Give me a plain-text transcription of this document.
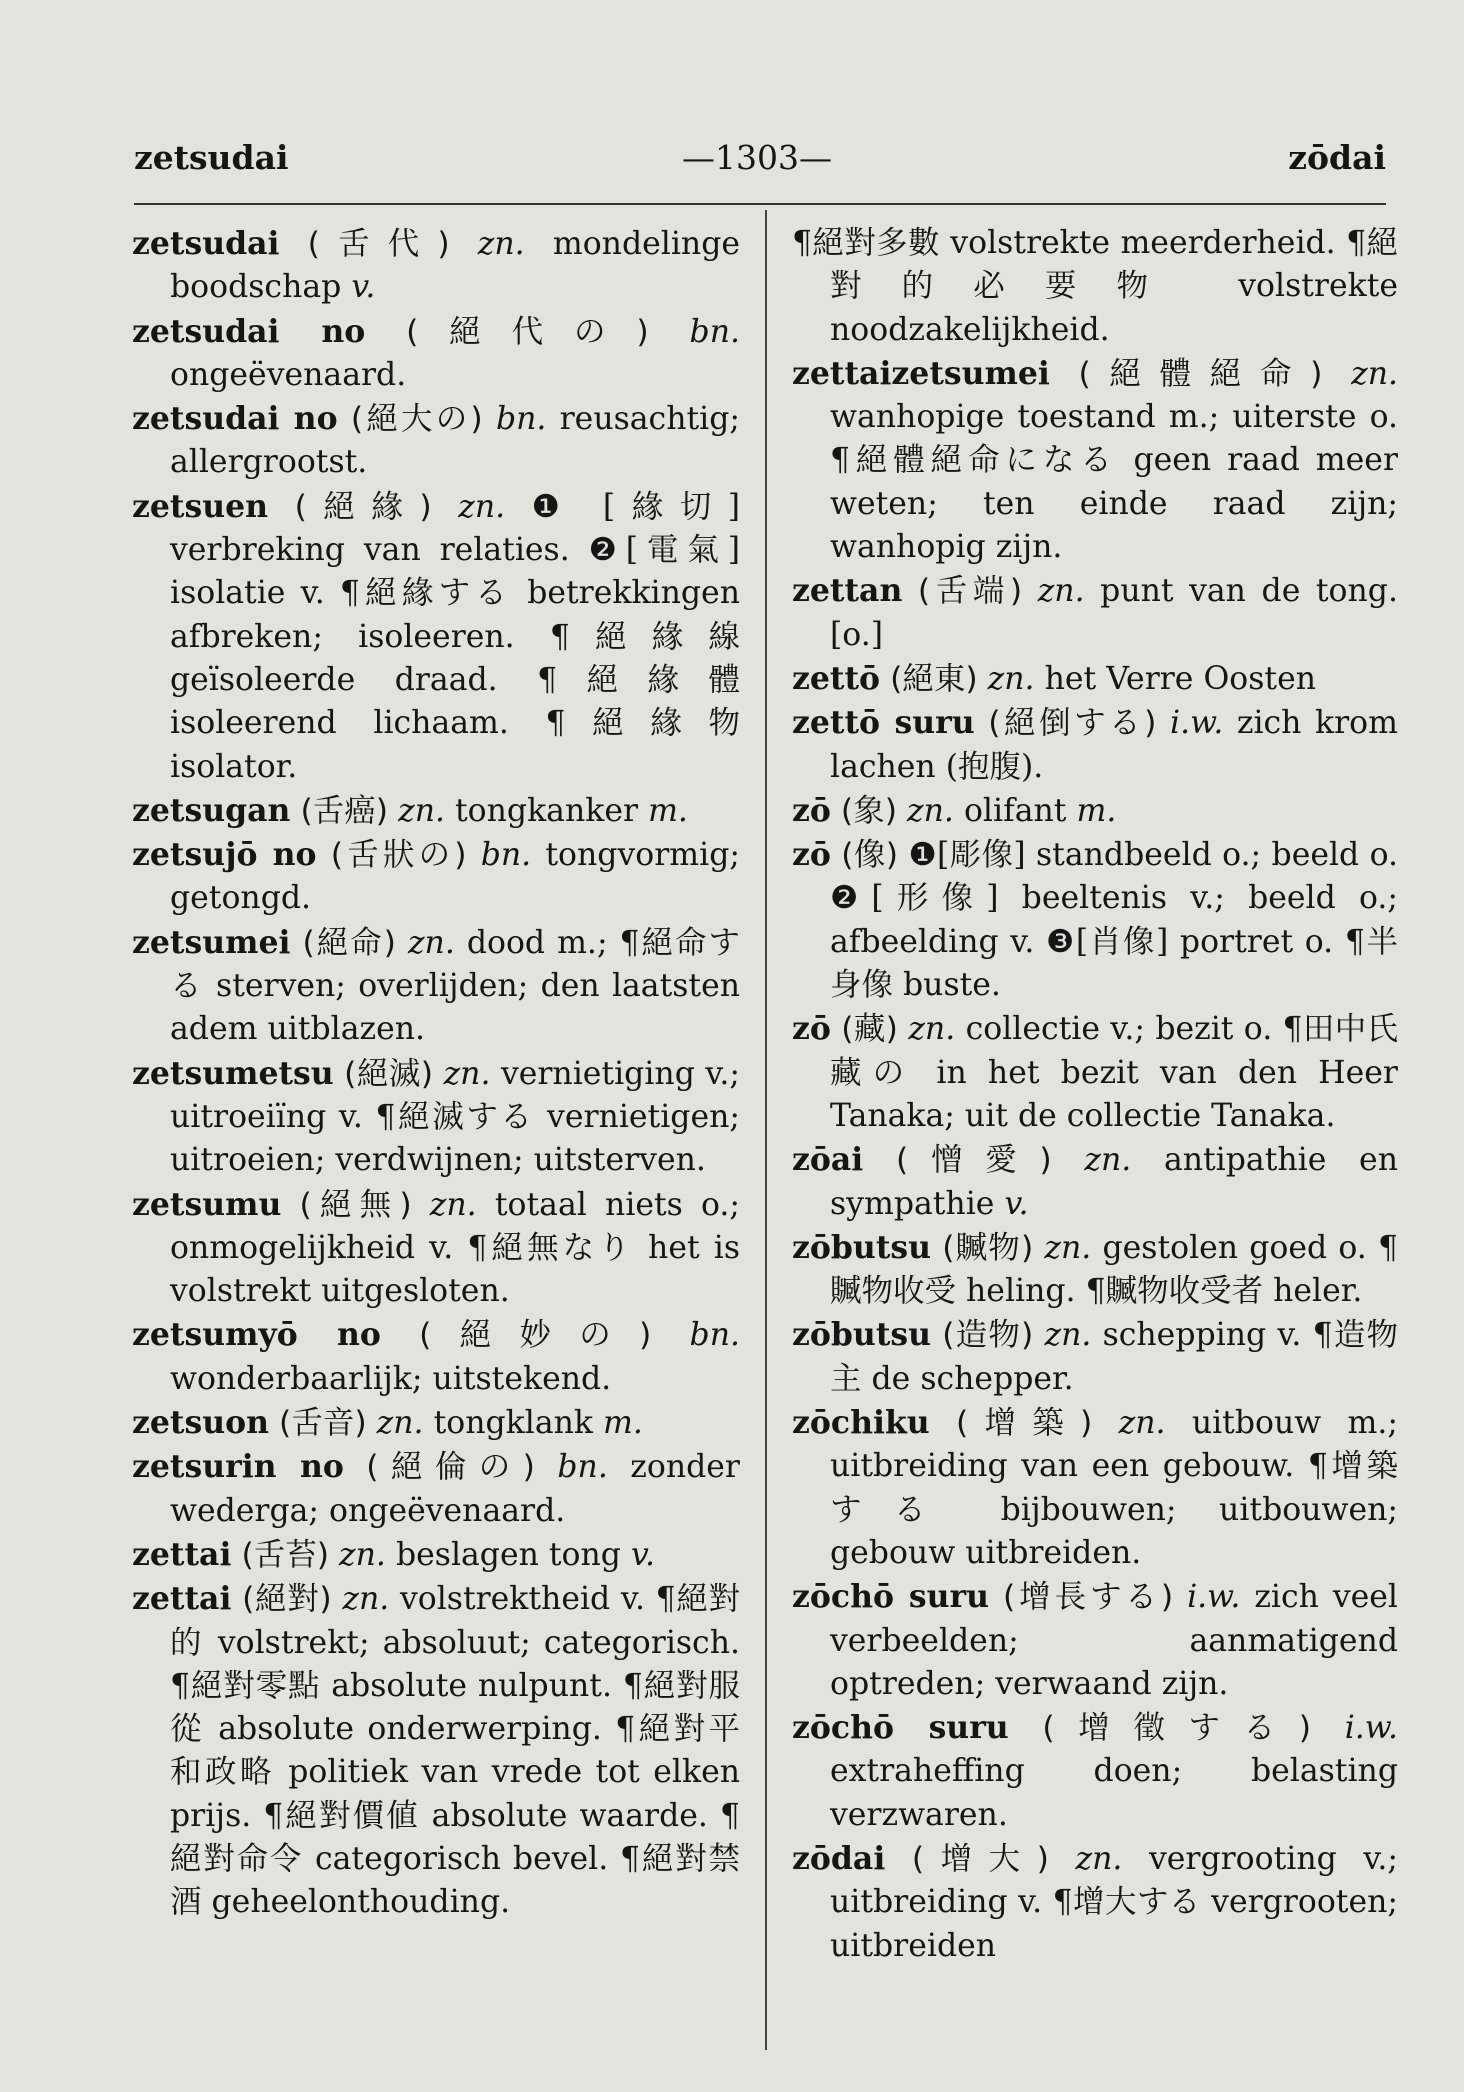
zetsudai	—1303—	zōdai

zetsudai (舌代) zn. mondelinge boodschap v.

zetsudai no (絕代の) bn. ongeëvenaard.

zetsudai no (絕大の) bn. reusachtig; allergrootst.

zetsuen (絕緣) zn. ❶ [緣切] verbreking van relaties. ❷[電氣] isolatie v. ¶絕緣する betrekkingen afbreken; isoleeren. ¶絕緣線 geïsoleerde draad. ¶絕緣體 isoleerend lichaam. ¶絕緣物 isolator.

zetsugan (舌癌) zn. tongkanker m.

zetsujō no (舌狀の) bn. tongvormig; getongd.

zetsumei (絕命) zn. dood m.; ¶絕命する sterven; overlijden; den laatsten adem uitblazen.

zetsumetsu (絕滅) zn. vernietiging v.; uitroeiïng v. ¶絕滅する vernietigen; uitroeien; verdwijnen; uitsterven.

zetsumu (絕無) zn. totaal niets o.; onmogelijkheid v. ¶絕無なり het is volstrekt uitgesloten.

zetsumyō no (絕妙の) bn. wonderbaarlijk; uitstekend.

zetsuon (舌音) zn. tongklank m.

zetsurin no (絕倫の) bn. zonder wederga; ongeëvenaard.

zettai (舌苔) zn. beslagen tong v.

zettai (絕對) zn. volstrektheid v. ¶絕對的 volstrekt; absoluut; categorisch. ¶絕對零點 absolute nulpunt. ¶絕對服從 absolute onderwerping. ¶絕對平和政略 politiek van vrede tot elken prijs. ¶絕對價値 absolute waarde. ¶絕對命令 categorisch bevel. ¶絕對禁酒 geheelonthouding.

¶絕對多數 volstrekte meerderheid. ¶絕對的必要物 volstrekte noodzakelijkheid.

zettaizetsumei (絕體絕命) zn. wanhopige toestand m.; uiterste o. ¶絕體絕命になる geen raad meer weten; ten einde raad zijn; wanhopig zijn.

zettan (舌端) zn. punt van de tong. [o.]

zettō (絕東) zn. het Verre Oosten

zettō suru (絕倒する) i.w. zich krom lachen (抱腹).

zō (象) zn. olifant m.

zō (像) ❶[彫像] standbeeld o.; beeld o. ❷[形像] beeltenis v.; beeld o.; afbeelding v. ❸[肖像] portret o. ¶半身像 buste.

zō (藏) zn. collectie v.; bezit o. ¶田中氏藏の in het bezit van den Heer Tanaka; uit de collectie Tanaka.

zōai (憎愛) zn. antipathie en sympathie v.

zōbutsu (贓物) zn. gestolen goed o. ¶贓物收受 heling. ¶贓物收受者 heler.

zōbutsu (造物) zn. schepping v. ¶造物主 de schepper.

zōchiku (增築) zn. uitbouw m.; uitbreiding van een gebouw. ¶增築する bijbouwen; uitbouwen; gebouw uitbreiden.

zōchō suru (增長する) i.w. zich veel verbeelden; aanmatigend optreden; verwaand zijn.

zōchō suru (增徵する) i.w. extraheffing doen; belasting verzwaren.

zōdai (增大) zn. vergrooting v.; uitbreiding v. ¶增大する vergrooten; uitbreiden
